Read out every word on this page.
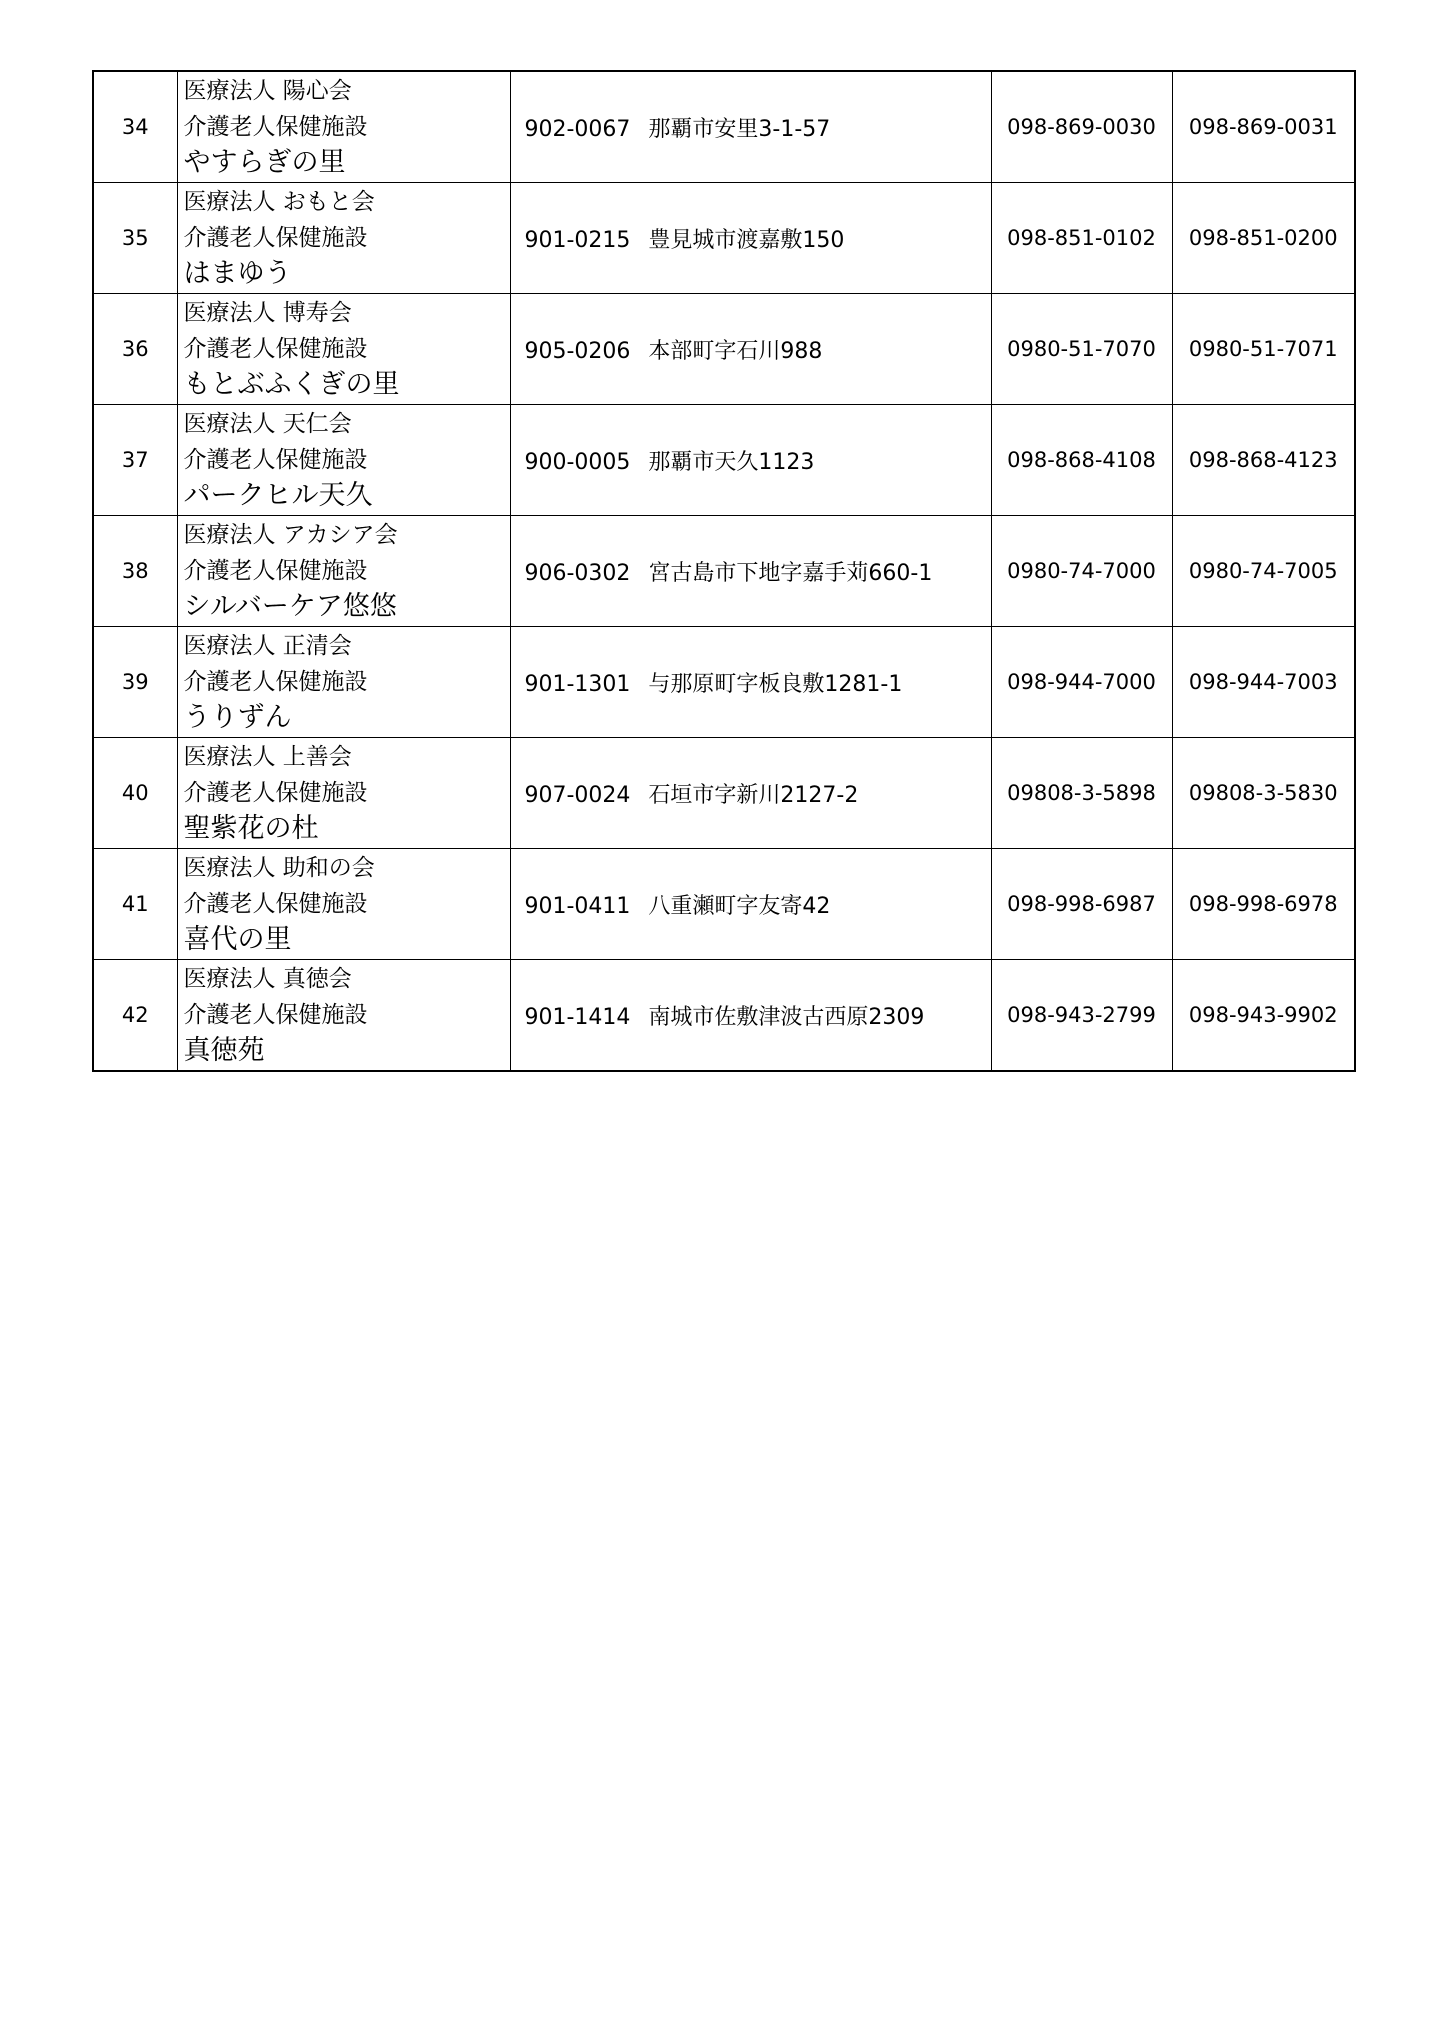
34	医療法人 陽心会
介護老人保健施設
やすらぎの里	902-0067 那覇市安里3-1-57	098-869-0030	098-869-0031
35	医療法人 おもと会
介護老人保健施設
はまゆう	901-0215 豊見城市渡嘉敷150	098-851-0102	098-851-0200
36	医療法人 博寿会
介護老人保健施設
もとぶふくぎの里	905-0206 本部町字石川988	0980-51-7070	0980-51-7071
37	医療法人 天仁会
介護老人保健施設
パークヒル天久	900-0005 那覇市天久1123	098-868-4108	098-868-4123
38	医療法人 アカシア会
介護老人保健施設
シルバーケア悠悠	906-0302 宮古島市下地字嘉手苅660-1	0980-74-7000	0980-74-7005
39	医療法人 正清会
介護老人保健施設
うりずん	901-1301 与那原町字板良敷1281-1	098-944-7000	098-944-7003
40	医療法人 上善会
介護老人保健施設
聖紫花の杜	907-0024 石垣市字新川2127-2	09808-3-5898	09808-3-5830
41	医療法人 助和の会
介護老人保健施設
喜代の里	901-0411 八重瀬町字友寄42	098-998-6987	098-998-6978
42	医療法人 真徳会
介護老人保健施設
真徳苑	901-1414 南城市佐敷津波古西原2309	098-943-2799	098-943-9902
